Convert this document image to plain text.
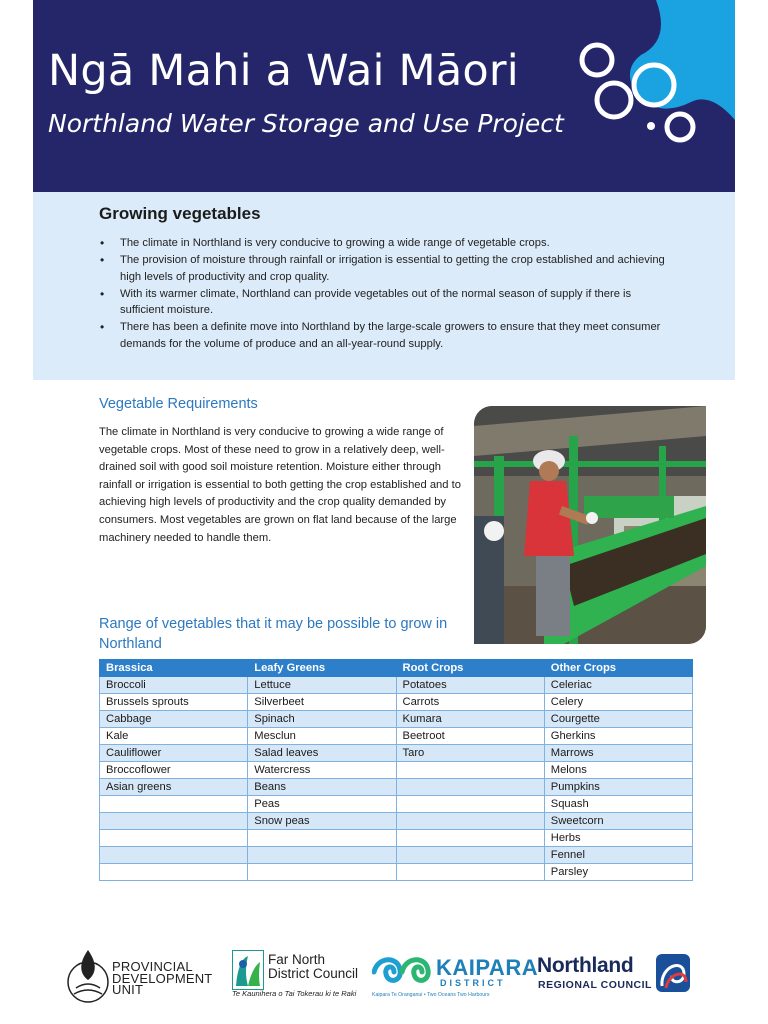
Ngā Mahi a Wai Māori
Northland Water Storage and Use Project
Growing vegetables
• The climate in Northland is very conducive to growing a wide range of vegetable crops.
• The provision of moisture through rainfall or irrigation is essential to getting the crop established and achieving high levels of productivity and crop quality.
• With its warmer climate, Northland can provide vegetables out of the normal season of supply if there is sufficient moisture.
• There has been a definite move into Northland by the large-scale growers to ensure that they meet consumer demands for the volume of produce and an all-year-round supply.
Vegetable Requirements

The climate in Northland is very conducive to growing a wide range of vegetable crops. Most of these need to grow in a relatively deep, well-drained soil with good soil moisture retention. Moisture either through rainfall or irrigation is essential to both getting the crop established and to achieving high levels of productivity and the crop quality demanded by consumers. Most vegetables are grown on flat land because of the large machinery needed to handle them.

Range of vegetables that it may be possible to grow in Northland
Brassica	Leafy Greens	Root Crops	Other Crops
Broccoli	Lettuce	Potatoes	Celeriac
Brussels sprouts	Silverbeet	Carrots	Celery
Cabbage	Spinach	Kumara	Courgette
Kale	Mesclun	Beetroot	Gherkins
Cauliflower	Salad leaves	Taro	Marrows
Broccoflower	Watercress		Melons
Asian greens	Beans		Pumpkins
	Peas		Squash
	Snow peas		Sweetcorn
			Herbs
			Fennel
			Parsley
PROVINCIAL
DEVELOPMENT
UNIT
Far North
District Council
Te Kaunihera o Tai Tokerau ki te Raki
KAIPARA
DISTRICT
Kaipara Te Oranganui • Two Oceans Two Harbours
Northland
REGIONAL COUNCIL
